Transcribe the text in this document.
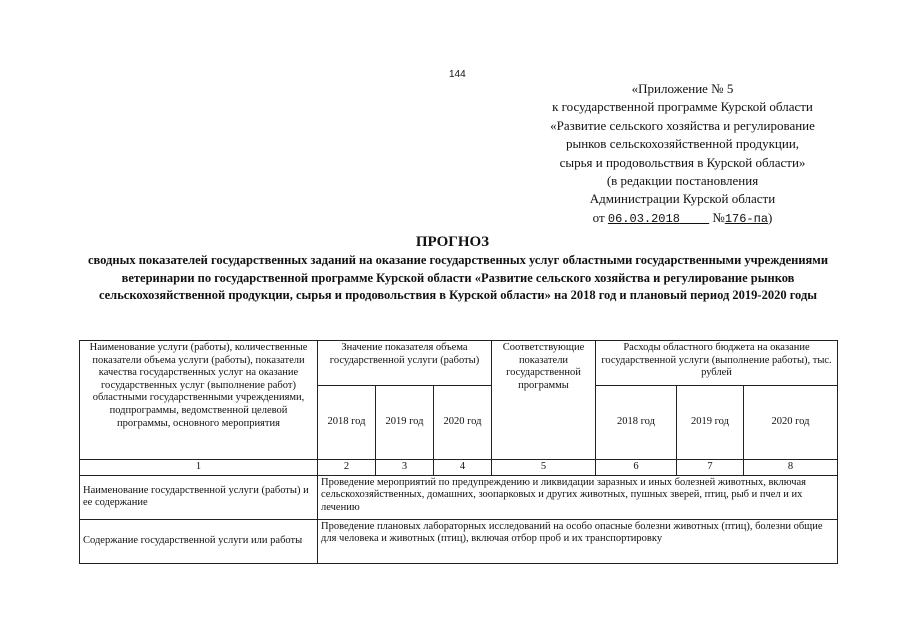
144
«Приложение № 5
к государственной программе Курской области
«Развитие сельского хозяйства и регулирование
рынков сельскохозяйственной продукции,
сырья и продовольствия в Курской области»
(в редакции постановления
Администрации Курской области
от 06.03.2018	№176-па)
ПРОГНОЗ
сводных показателей государственных заданий на оказание государственных услуг областными государственными учреждениями ветеринарии по государственной программе Курской области «Развитие сельского хозяйства и регулирование рынков сельскохозяйственной продукции, сырья и продовольствия в Курской области» на 2018 год и плановый период 2019-2020 годы
Наименование услуги (работы), количественные показатели объема услуги (работы), показатели качества государственных услуг на оказание государственных услуг (выполнение работ) областными государственными учреждениями, подпрограммы, ведомственной целевой программы, основного мероприятия	Значение показателя объема государственной услуги (работы)			Соответствующие показатели государственной программы	Расходы областного бюджета на оказание государственной услуги (выполнение работы), тыс. рублей		
	2018 год	2019 год	2020 год		2018 год	2019 год	2020 год
1	2	3	4	5	6	7	8
Наименование государственной услуги (работы) и ее содержание	Проведение мероприятий по предупреждению и ликвидации заразных и иных болезней животных, включая сельскохозяйственных, домашних, зоопарковых и других животных, пушных зверей, птиц, рыб и пчел и их лечению						
Содержание государственной услуги или работы	Проведение плановых лабораторных исследований на особо опасные болезни животных (птиц), болезни общие для человека и животных (птиц), включая отбор проб и их транспортировку						
